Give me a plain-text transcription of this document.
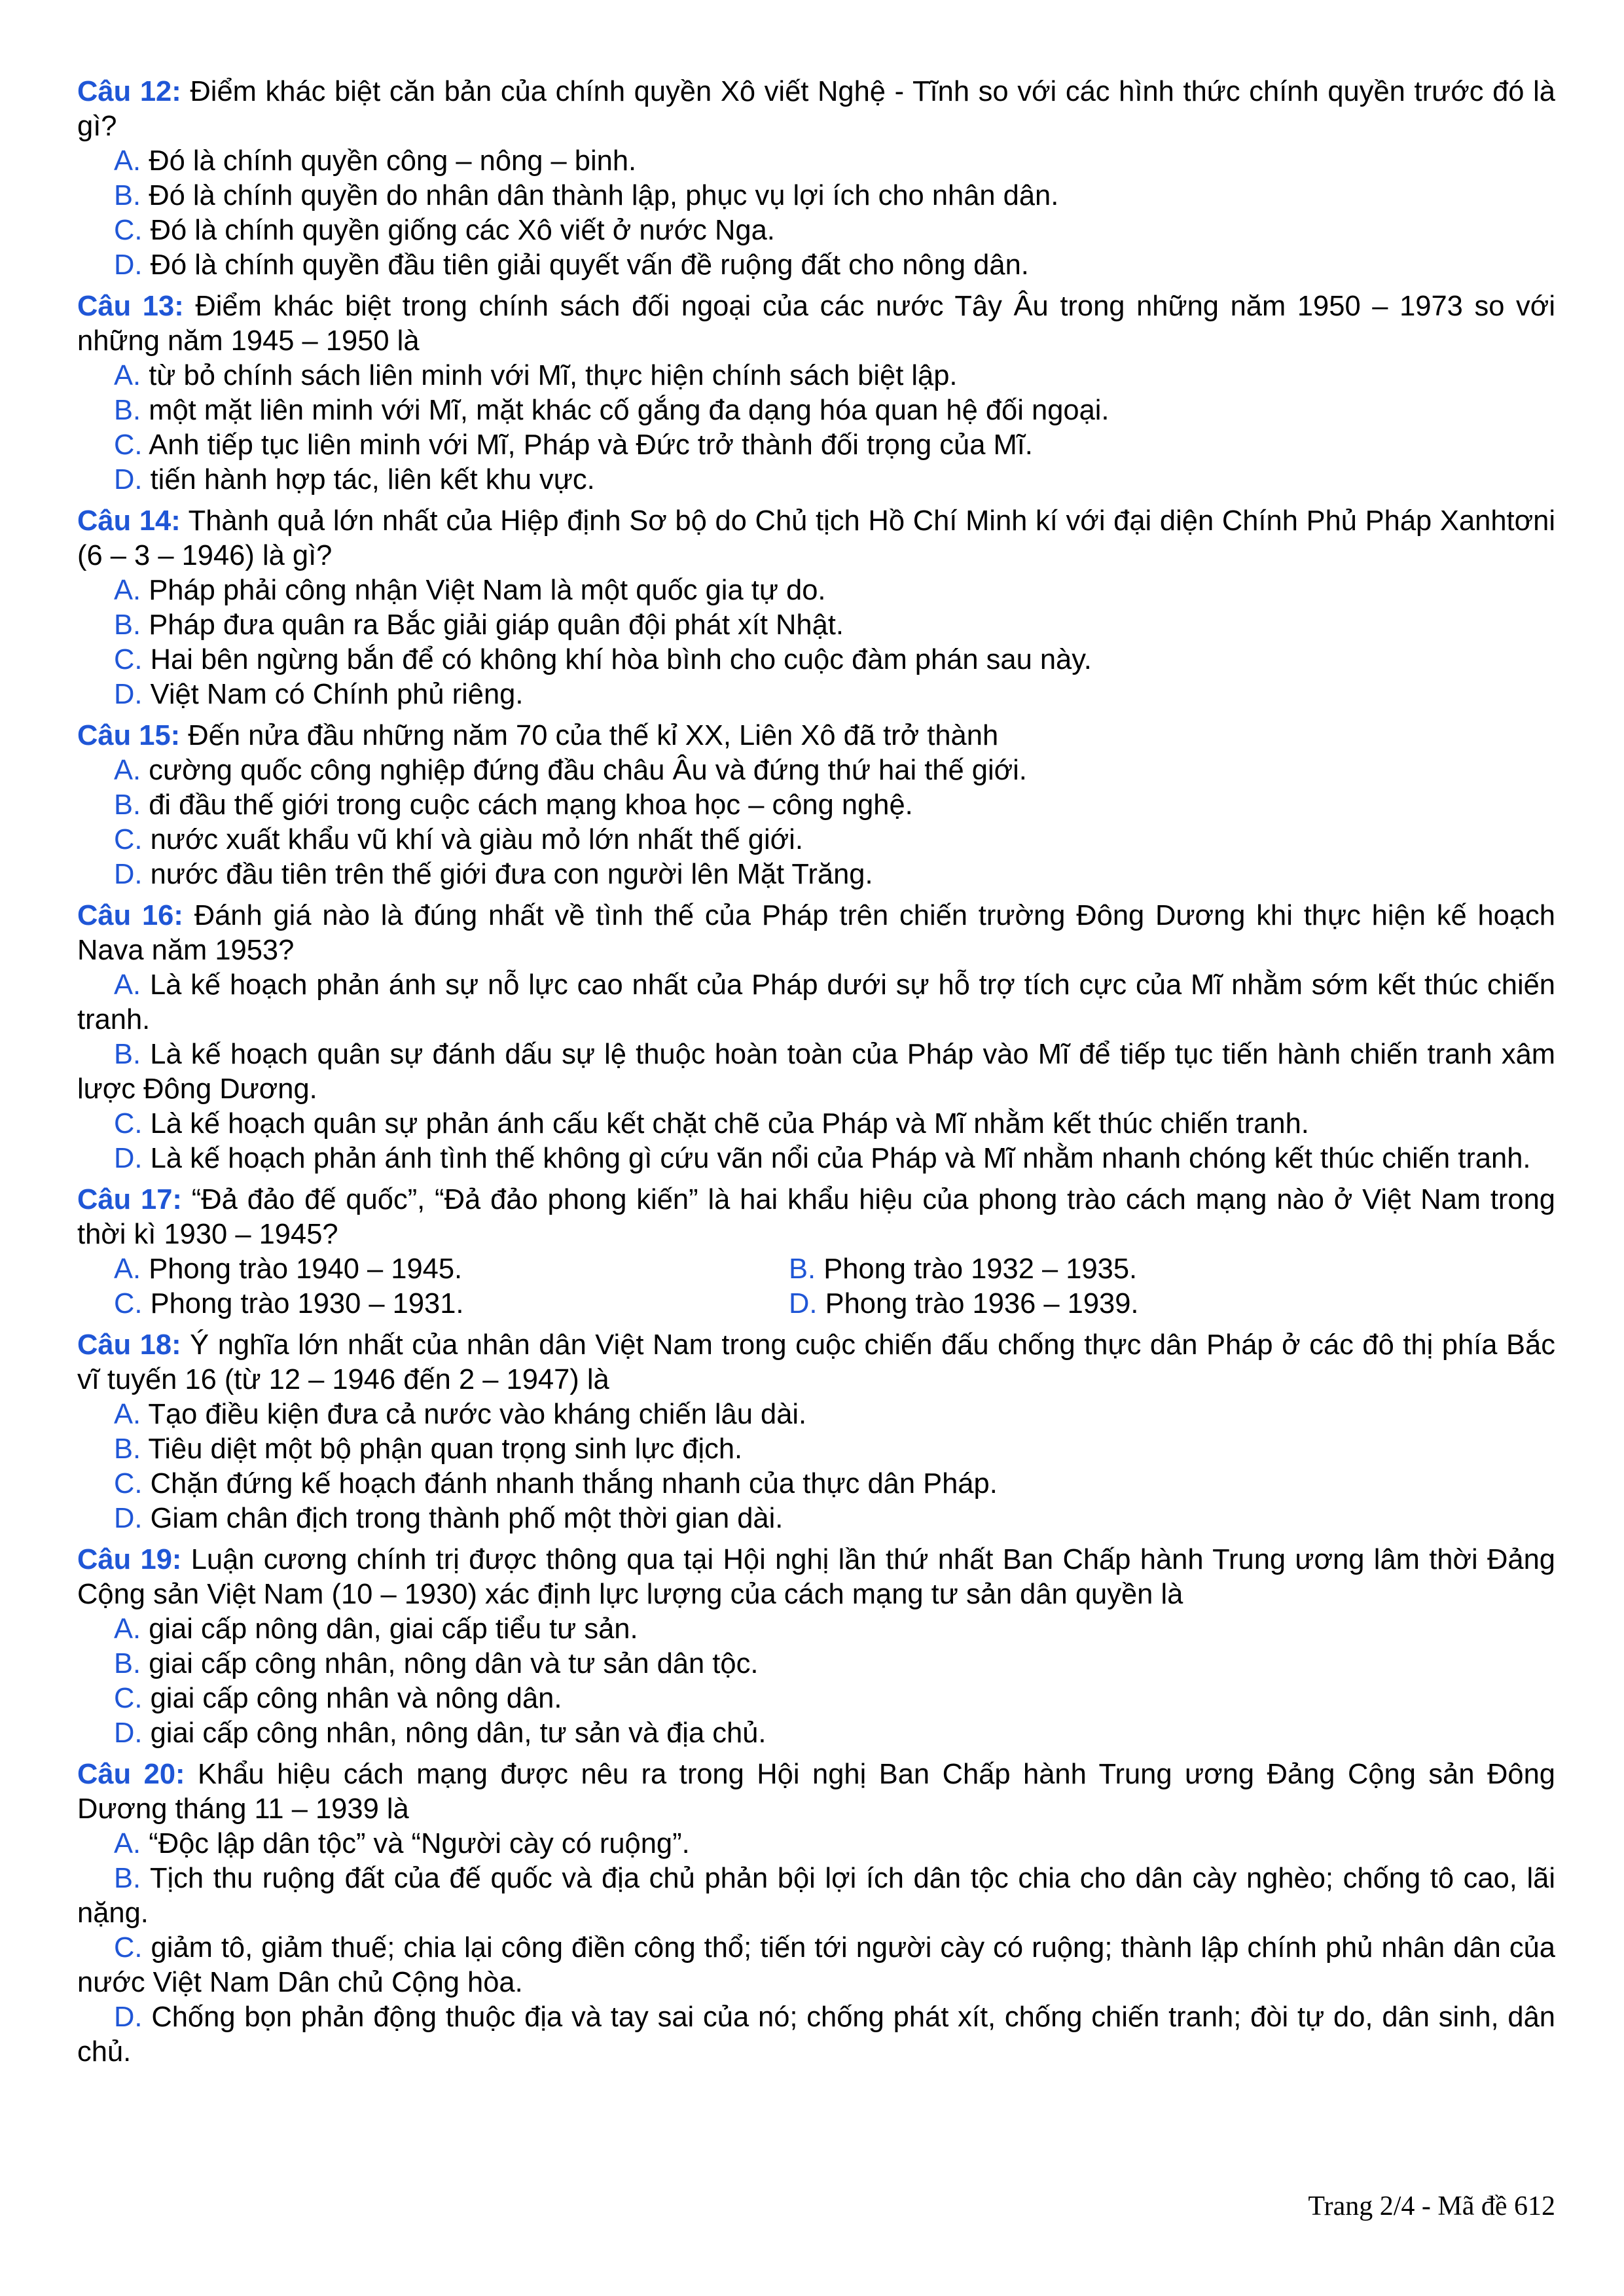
Câu 12: Điểm khác biệt căn bản của chính quyền Xô viết Nghệ - Tĩnh so với các hình thức chính quyền trước đó là gì?
A. Đó là chính quyền công – nông – binh.
B. Đó là chính quyền do nhân dân thành lập, phục vụ lợi ích cho nhân dân.
C. Đó là chính quyền giống các Xô viết ở nước Nga.
D. Đó là chính quyền đầu tiên giải quyết vấn đề ruộng đất cho nông dân.
Câu 13: Điểm khác biệt trong chính sách đối ngoại của các nước Tây Âu trong những năm 1950 – 1973 so với những năm 1945 – 1950 là
A. từ bỏ chính sách liên minh với Mĩ, thực hiện chính sách biệt lập.
B. một mặt liên minh với Mĩ, mặt khác cố gắng đa dạng hóa quan hệ đối ngoại.
C. Anh tiếp tục liên minh với Mĩ, Pháp và Đức trở thành đối trọng của Mĩ.
D. tiến hành hợp tác, liên kết khu vực.
Câu 14: Thành quả lớn nhất của Hiệp định Sơ bộ do Chủ tịch Hồ Chí Minh kí với đại diện Chính Phủ Pháp Xanhtơni (6 – 3 – 1946) là gì?
A. Pháp phải công nhận Việt Nam là một quốc gia tự do.
B. Pháp đưa quân ra Bắc giải giáp quân đội phát xít Nhật.
C. Hai bên ngừng bắn để có không khí hòa bình cho cuộc đàm phán sau này.
D. Việt Nam có Chính phủ riêng.
Câu 15: Đến nửa đầu những năm 70 của thế kỉ XX, Liên Xô đã trở thành
A. cường quốc công nghiệp đứng đầu châu Âu và đứng thứ hai thế giới.
B. đi đầu thế giới trong cuộc cách mạng khoa học – công nghệ.
C. nước xuất khẩu vũ khí và giàu mỏ lớn nhất thế giới.
D. nước đầu tiên trên thế giới đưa con người lên Mặt Trăng.
Câu 16: Đánh giá nào là đúng nhất về tình thế của Pháp trên chiến trường Đông Dương khi thực hiện kế hoạch Nava năm 1953?
A. Là kế hoạch phản ánh sự nỗ lực cao nhất của Pháp dưới sự hỗ trợ tích cực của Mĩ nhằm sớm kết thúc chiến tranh.
B. Là kế hoạch quân sự đánh dấu sự lệ thuộc hoàn toàn của Pháp vào Mĩ để tiếp tục tiến hành chiến tranh xâm lược Đông Dương.
C. Là kế hoạch quân sự phản ánh cấu kết chặt chẽ của Pháp và Mĩ nhằm kết thúc chiến tranh.
D. Là kế hoạch phản ánh tình thế không gì cứu vãn nổi của Pháp và Mĩ nhằm nhanh chóng kết thúc chiến tranh.
Câu 17: “Đả đảo đế quốc”, “Đả đảo phong kiến” là hai khẩu hiệu của phong trào cách mạng nào ở Việt Nam trong thời kì 1930 – 1945?
A. Phong trào 1940 – 1945.	B. Phong trào 1932 – 1935.
C. Phong trào 1930 – 1931.	D. Phong trào 1936 – 1939.
Câu 18: Ý nghĩa lớn nhất của nhân dân Việt Nam trong cuộc chiến đấu chống thực dân Pháp ở các đô thị phía Bắc vĩ tuyến 16 (từ 12 – 1946 đến 2 – 1947) là
A. Tạo điều kiện đưa cả nước vào kháng chiến lâu dài.
B. Tiêu diệt một bộ phận quan trọng sinh lực địch.
C. Chặn đứng kế hoạch đánh nhanh thắng nhanh của thực dân Pháp.
D. Giam chân địch trong thành phố một thời gian dài.
Câu 19: Luận cương chính trị được thông qua tại Hội nghị lần thứ nhất Ban Chấp hành Trung ương lâm thời Đảng Cộng sản Việt Nam (10 – 1930) xác định lực lượng của cách mạng tư sản dân quyền là
A. giai cấp nông dân, giai cấp tiểu tư sản.
B. giai cấp công nhân, nông dân và tư sản dân tộc.
C. giai cấp công nhân và nông dân.
D. giai cấp công nhân, nông dân, tư sản và địa chủ.
Câu 20: Khẩu hiệu cách mạng được nêu ra trong Hội nghị Ban Chấp hành Trung ương Đảng Cộng sản Đông Dương tháng 11 – 1939 là
A. “Độc lập dân tộc” và “Người cày có ruộng”.
B. Tịch thu ruộng đất của đế quốc và địa chủ phản bội lợi ích dân tộc chia cho dân cày nghèo; chống tô cao, lãi nặng.
C. giảm tô, giảm thuế; chia lại công điền công thổ; tiến tới người cày có ruộng; thành lập chính phủ nhân dân của nước Việt Nam Dân chủ Cộng hòa.
D. Chống bọn phản động thuộc địa và tay sai của nó; chống phát xít, chống chiến tranh; đòi tự do, dân sinh, dân chủ.
Trang 2/4 - Mã đề 612
